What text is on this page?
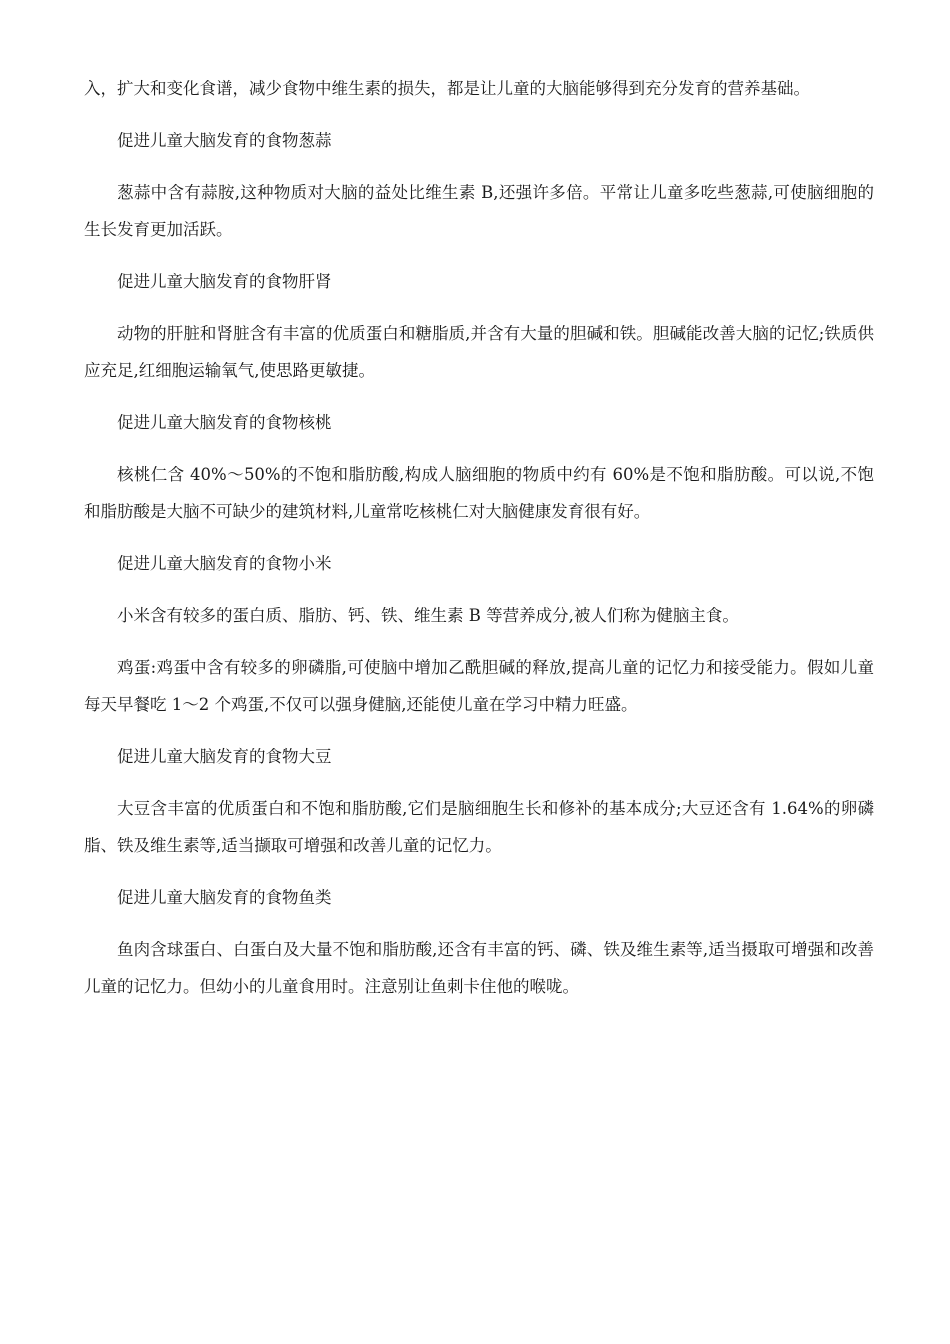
入，扩大和变化食谱，减少食物中维生素的损失，都是让儿童的大脑能够得到充分发育的营养基础。

促进儿童大脑发育的食物葱蒜

葱蒜中含有蒜胺,这种物质对大脑的益处比维生素 B,还强许多倍。平常让儿童多吃些葱蒜,可使脑细胞的生长发育更加活跃。

促进儿童大脑发育的食物肝肾

动物的肝脏和肾脏含有丰富的优质蛋白和糖脂质,并含有大量的胆碱和铁。胆碱能改善大脑的记忆;铁质供应充足,红细胞运输氧气,使思路更敏捷。

促进儿童大脑发育的食物核桃

核桃仁含 40%～50%的不饱和脂肪酸,构成人脑细胞的物质中约有 60%是不饱和脂肪酸。可以说,不饱和脂肪酸是大脑不可缺少的建筑材料,儿童常吃核桃仁对大脑健康发育很有好。

促进儿童大脑发育的食物小米

小米含有较多的蛋白质、脂肪、钙、铁、维生素 B 等营养成分,被人们称为健脑主食。

鸡蛋:鸡蛋中含有较多的卵磷脂,可使脑中增加乙酰胆碱的释放,提高儿童的记忆力和接受能力。假如儿童每天早餐吃 1～2 个鸡蛋,不仅可以强身健脑,还能使儿童在学习中精力旺盛。

促进儿童大脑发育的食物大豆

大豆含丰富的优质蛋白和不饱和脂肪酸,它们是脑细胞生长和修补的基本成分;大豆还含有 1.64%的卵磷脂、铁及维生素等,适当撷取可增强和改善儿童的记忆力。

促进儿童大脑发育的食物鱼类

鱼肉含球蛋白、白蛋白及大量不饱和脂肪酸,还含有丰富的钙、磷、铁及维生素等,适当摄取可增强和改善儿童的记忆力。但幼小的儿童食用时。注意别让鱼刺卡住他的喉咙。
